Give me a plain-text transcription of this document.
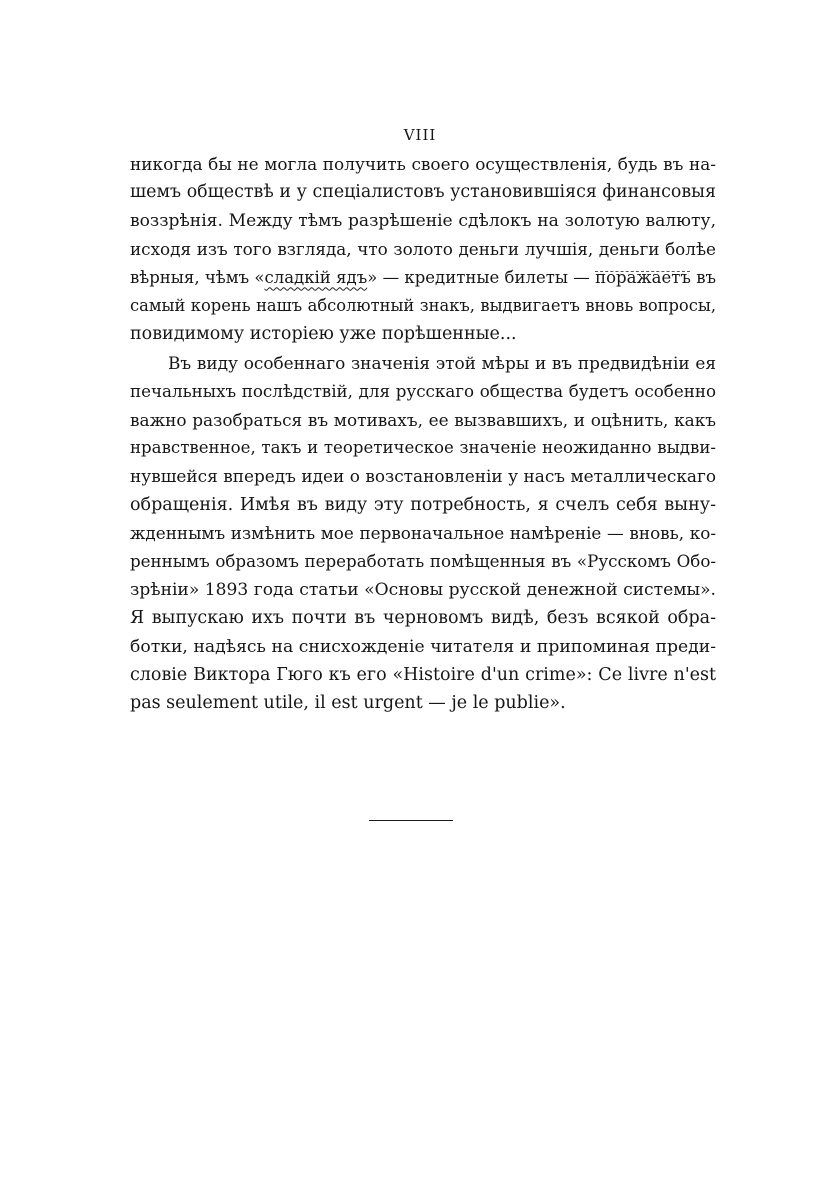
VIII
никогда бы не могла получить своего осуществленія, будь въ на-
шемъ обществѣ и у спеціалистовъ установившіяся финансовыя
воззрѣнія. Между тѣмъ разрѣшеніе сдѣлокъ на золотую валюту,
исходя изъ того взгляда, что золото деньги лучшія, деньги болѣе
вѣрныя, чѣмъ «сладкій ядъ» — кредитные билеты — поражаетъ въ
самый корень нашъ абсолютный знакъ, выдвигаетъ вновь вопросы,
повидимому исторіею уже порѣшенные...
Въ виду особеннаго значенія этой мѣры и въ предвидѣніи ея
печальныхъ послѣдствій, для русскаго общества будетъ особенно
важно разобраться въ мотивахъ, ее вызвавшихъ, и оцѣнить, какъ
нравственное, такъ и теоретическое значеніе неожиданно выдви-
нувшейся впередъ идеи о возстановленіи у насъ металлическаго
обращенія. Имѣя въ виду эту потребность, я счелъ себя выну-
жденнымъ измѣнить мое первоначальное намѣреніе — вновь, ко-
реннымъ образомъ переработать помѣщенныя въ «Русскомъ Обо-
зрѣніи» 1893 года статьи «Основы русской денежной системы».
Я выпускаю ихъ почти въ черновомъ видѣ, безъ всякой обра-
ботки, надѣясь на снисхожденіе читателя и припоминая преди-
словіе Виктора Гюго къ его «Histoire d'un crime»: Ce livre n'est
pas seulement utile, il est urgent — je le publie».
